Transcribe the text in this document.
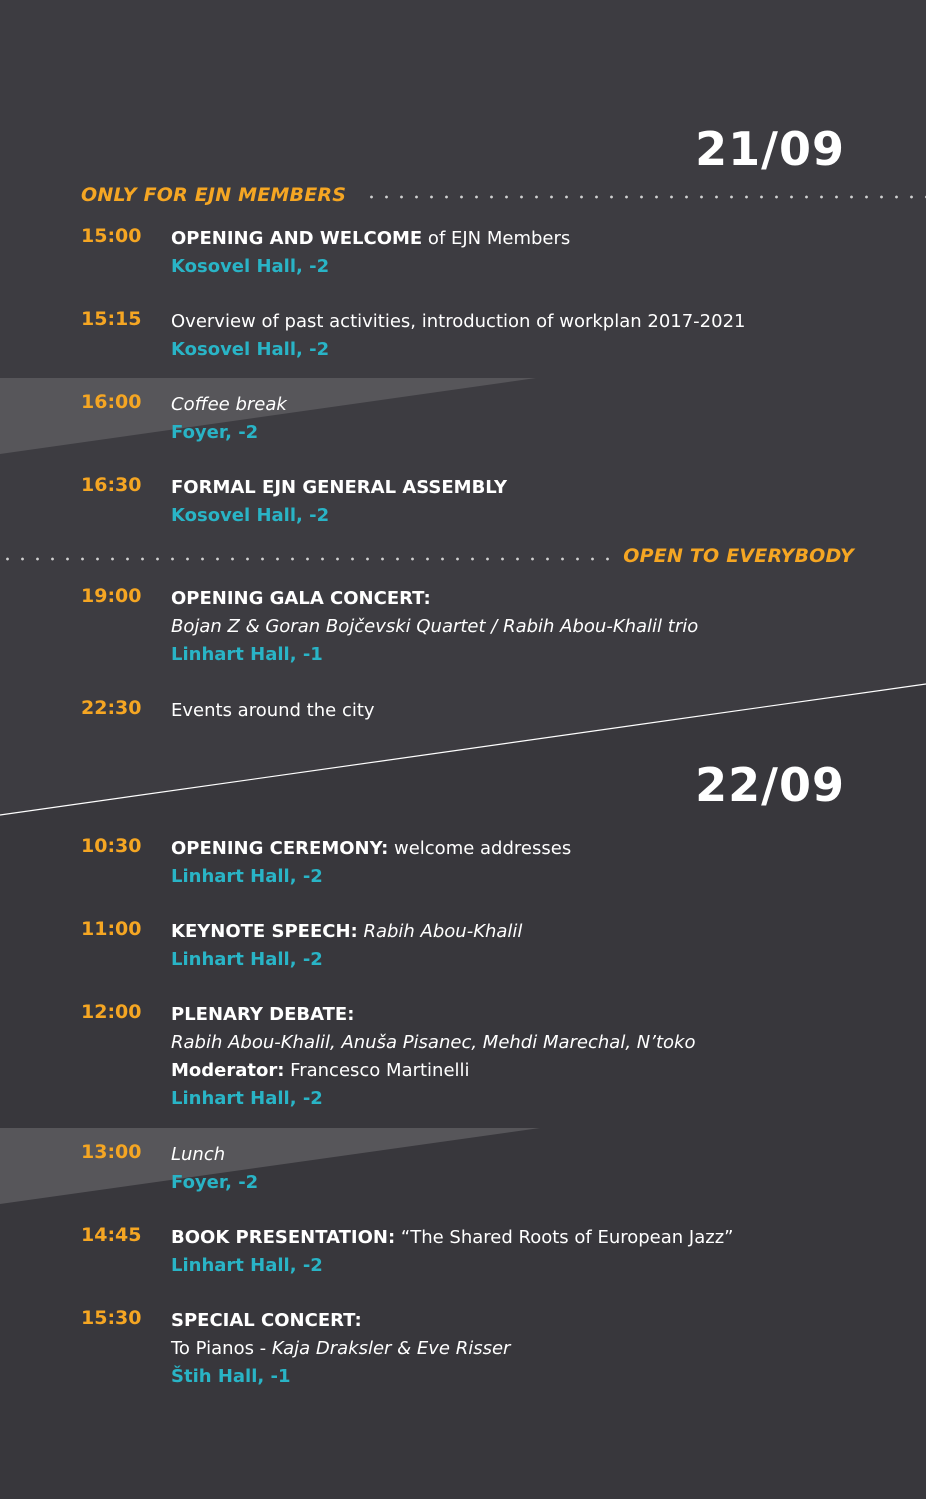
21/09
ONLY FOR EJN MEMBERS
15:00 OPENING AND WELCOME of EJN Members
Kosovel Hall, -2
15:15 Overview of past activities, introduction of workplan 2017-2021
Kosovel Hall, -2
16:00 Coffee break
Foyer, -2
16:30 FORMAL EJN GENERAL ASSEMBLY
Kosovel Hall, -2
OPEN TO EVERYBODY
19:00 OPENING GALA CONCERT:
Bojan Z & Goran Bojčevski Quartet / Rabih Abou-Khalil trio
Linhart Hall, -1
22:30 Events around the city
22/09
10:30 OPENING CEREMONY: welcome addresses
Linhart Hall, -2
11:00 KEYNOTE SPEECH: Rabih Abou-Khalil
Linhart Hall, -2
12:00 PLENARY DEBATE:
Rabih Abou-Khalil, Anuša Pisanec, Mehdi Marechal, N’toko
Moderator: Francesco Martinelli
Linhart Hall, -2
13:00 Lunch
Foyer, -2
14:45 BOOK PRESENTATION: “The Shared Roots of European Jazz”
Linhart Hall, -2
15:30 SPECIAL CONCERT:
To Pianos - Kaja Draksler & Eve Risser
Štih Hall, -1
